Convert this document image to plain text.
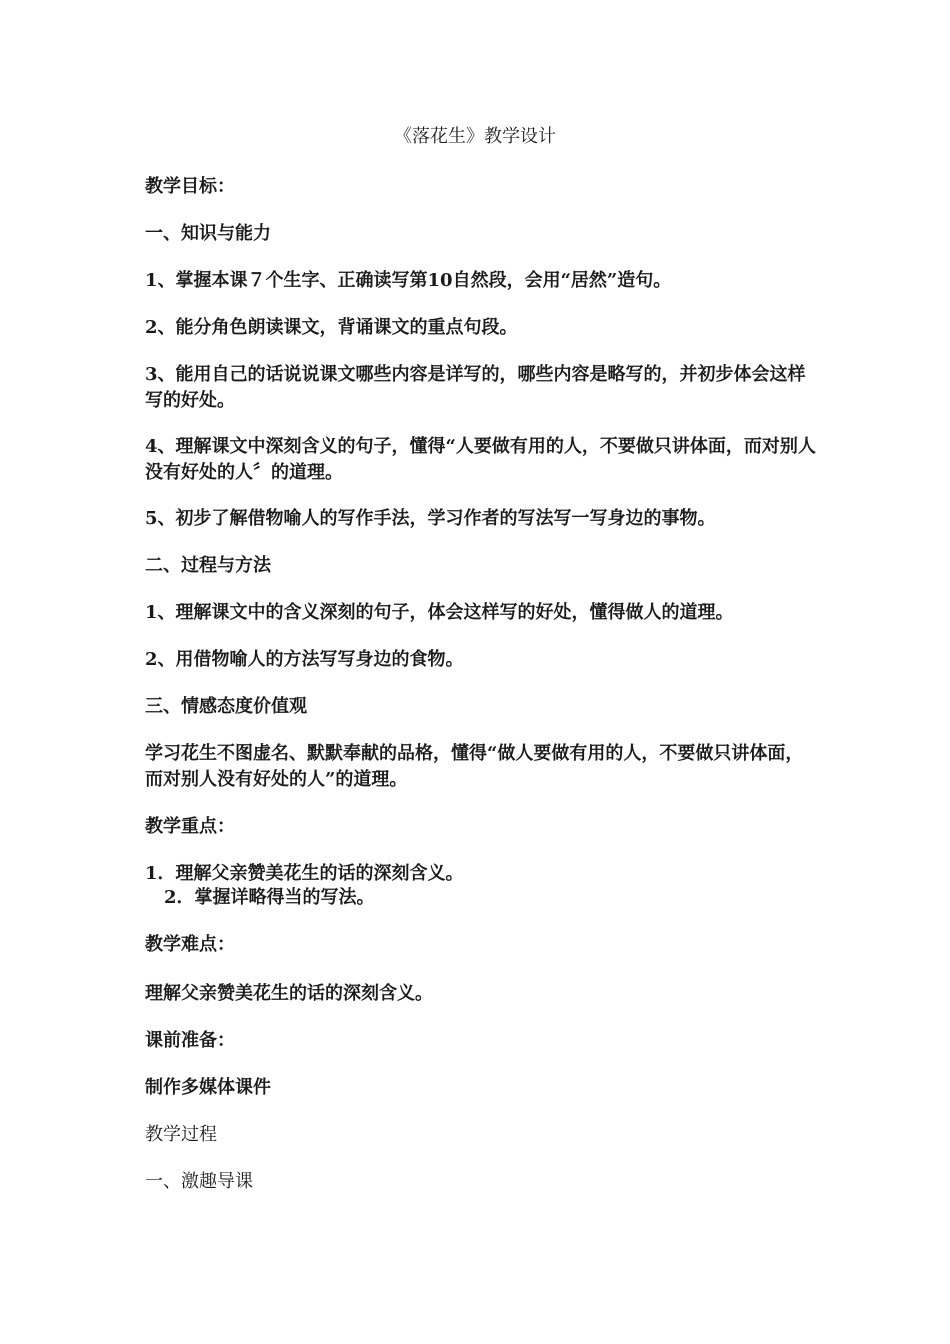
《落花生》教学设计

教学目标：

一、知识与能力

1、掌握本课７个生字、正确读写第10自然段，会用“居然”造句。

2、能分角色朗读课文，背诵课文的重点句段。

3、能用自己的话说说课文哪些内容是详写的，哪些内容是略写的，并初步体会这样写的好处。

4、理解课文中深刻含义的句子，懂得“人要做有用的人，不要做只讲体面，而对别人没有好处的人〞的道理。

5、初步了解借物喻人的写作手法，学习作者的写法写一写身边的事物。

二、过程与方法

1、理解课文中的含义深刻的句子，体会这样写的好处，懂得做人的道理。

2、用借物喻人的方法写写身边的食物。

三、情感态度价值观

学习花生不图虚名、默默奉献的品格，懂得“做人要做有用的人，不要做只讲体面，而对别人没有好处的人”的道理。

教学重点：

1．理解父亲赞美花生的话的深刻含义。

2．掌握详略得当的写法。

教学难点：

理解父亲赞美花生的话的深刻含义。

课前准备：

制作多媒体课件

教学过程

一、激趣导课
